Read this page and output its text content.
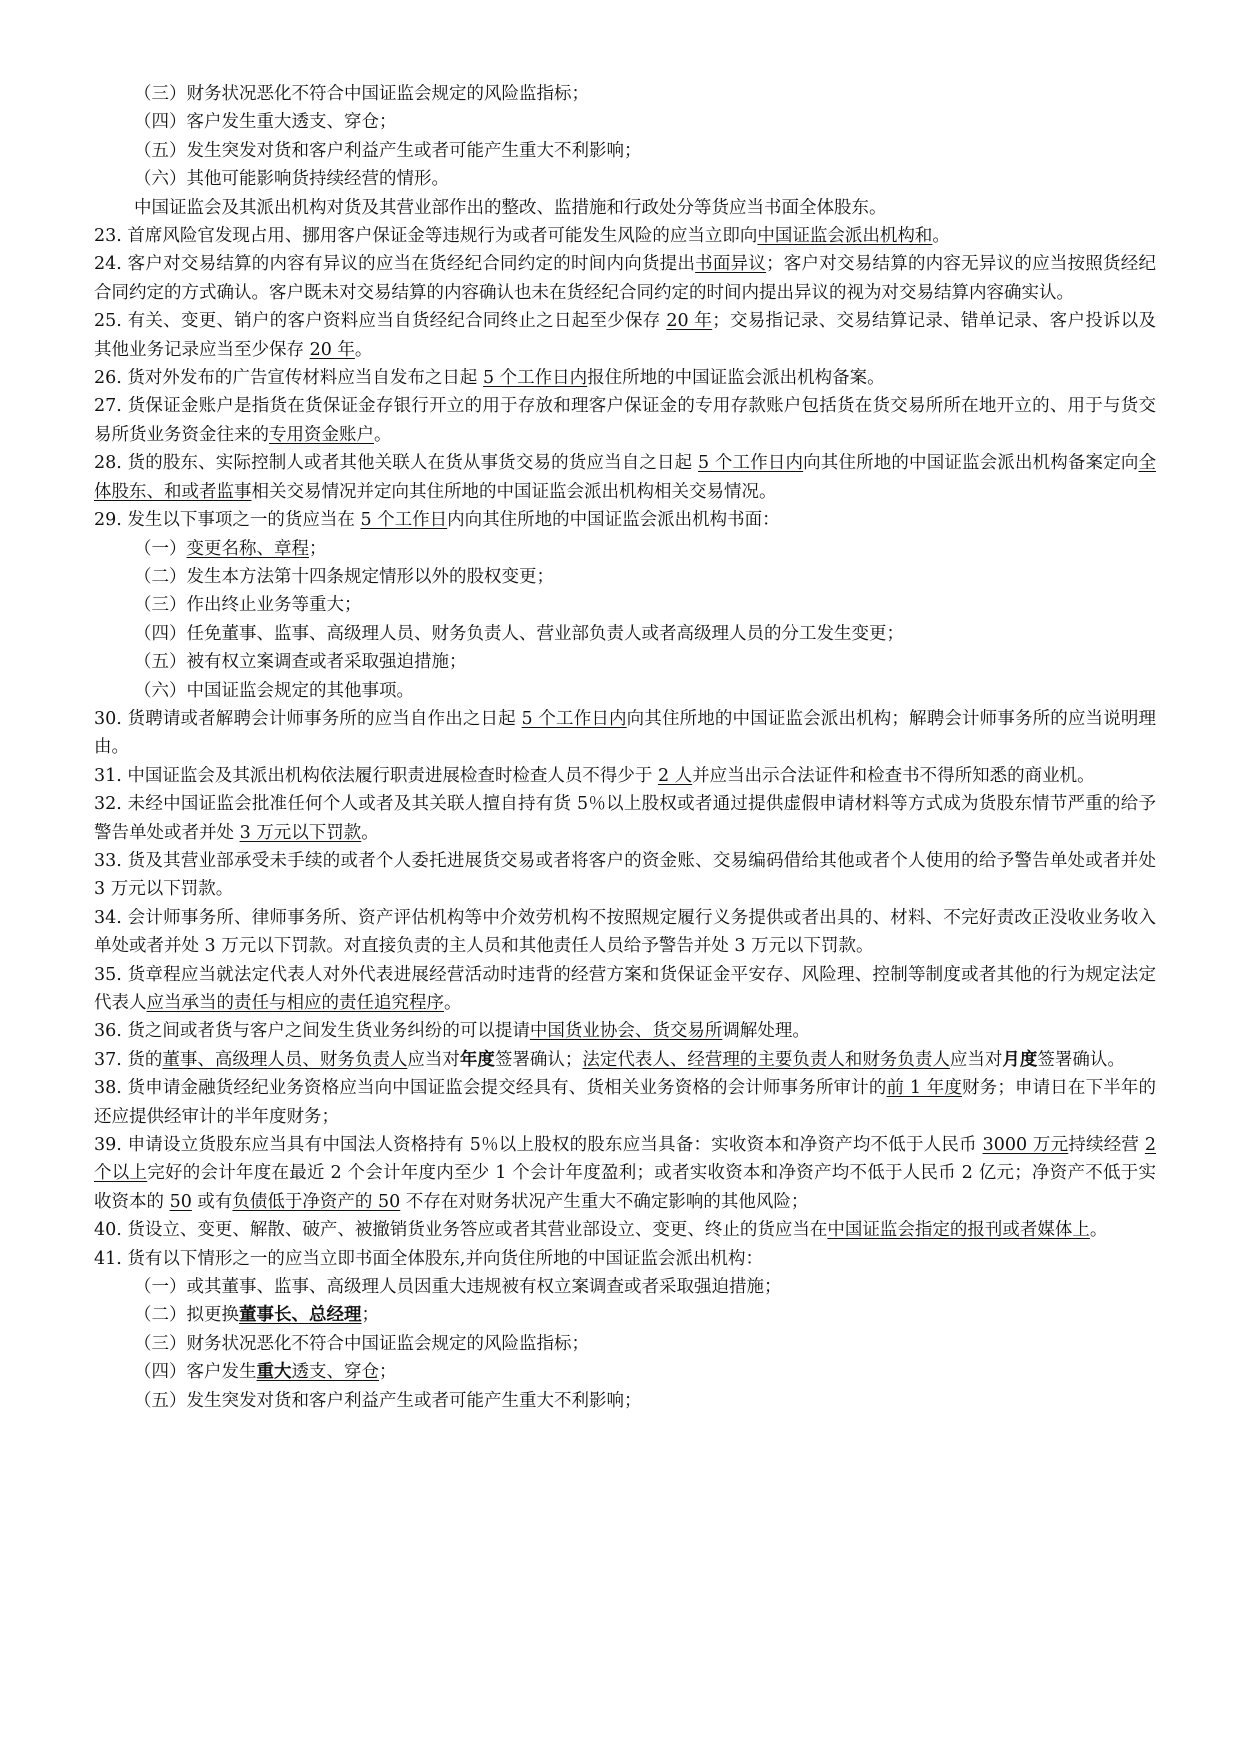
（三）财务状况恶化不符合中国证监会规定的风险监指标；

（四）客户发生重大透支、穿仓；

（五）发生突发对货和客户利益产生或者可能产生重大不利影响；

（六）其他可能影响货持续经营的情形。

中国证监会及其派出机构对货及其营业部作出的整改、监措施和行政处分等货应当书面全体股东。

23. 首席风险官发现占用、挪用客户保证金等违规行为或者可能发生风险的应当立即向中国证监会派出机构和。

24. 客户对交易结算的内容有异议的应当在货经纪合同约定的时间内向货提出书面异议；客户对交易结算的内容无异议的应当按照货经纪合同约定的方式确认。客户既未对交易结算的内容确认也未在货经纪合同约定的时间内提出异议的视为对交易结算内容确实认。

25. 有关、变更、销户的客户资料应当自货经纪合同终止之日起至少保存 20 年；交易指记录、交易结算记录、错单记录、客户投诉以及其他业务记录应当至少保存 20 年。

26. 货对外发布的广告宣传材料应当自发布之日起 5 个工作日内报住所地的中国证监会派出机构备案。

27. 货保证金账户是指货在货保证金存银行开立的用于存放和理客户保证金的专用存款账户包括货在货交易所所在地开立的、用于与货交易所货业务资金往来的专用资金账户。

28. 货的股东、实际控制人或者其他关联人在货从事货交易的货应当自之日起 5 个工作日内向其住所地的中国证监会派出机构备案定向全体股东、和或者监事相关交易情况并定向其住所地的中国证监会派出机构相关交易情况。

29. 发生以下事项之一的货应当在 5 个工作日内向其住所地的中国证监会派出机构书面：

（一）变更名称、章程；

（二）发生本方法第十四条规定情形以外的股权变更；

（三）作出终止业务等重大；

（四）任免董事、监事、高级理人员、财务负责人、营业部负责人或者高级理人员的分工发生变更；

（五）被有权立案调查或者采取强迫措施；

（六）中国证监会规定的其他事项。

30. 货聘请或者解聘会计师事务所的应当自作出之日起 5 个工作日内向其住所地的中国证监会派出机构；解聘会计师事务所的应当说明理由。

31. 中国证监会及其派出机构依法履行职责进展检查时检查人员不得少于 2 人并应当出示合法证件和检查书不得所知悉的商业机。

32. 未经中国证监会批准任何个人或者及其关联人擅自持有货 5％以上股权或者通过提供虚假申请材料等方式成为货股东情节严重的给予警告单处或者并处 3 万元以下罚款。

33. 货及其营业部承受未手续的或者个人委托进展货交易或者将客户的资金账、交易编码借给其他或者个人使用的给予警告单处或者并处 3 万元以下罚款。

34. 会计师事务所、律师事务所、资产评估机构等中介效劳机构不按照规定履行义务提供或者出具的、材料、不完好责改正没收业务收入单处或者并处 3 万元以下罚款。对直接负责的主人员和其他责任人员给予警告并处 3 万元以下罚款。

35. 货章程应当就法定代表人对外代表进展经营活动时违背的经营方案和货保证金平安存、风险理、控制等制度或者其他的行为规定法定代表人应当承当的责任与相应的责任追究程序。

36. 货之间或者货与客户之间发生货业务纠纷的可以提请中国货业协会、货交易所调解处理。

37. 货的董事、高级理人员、财务负责人应当对年度签署确认；法定代表人、经营理的主要负责人和财务负责人应当对月度签署确认。

38. 货申请金融货经纪业务资格应当向中国证监会提交经具有、货相关业务资格的会计师事务所审计的前 1 年度财务；申请日在下半年的还应提供经审计的半年度财务；

39. 申请设立货股东应当具有中国法人资格持有 5％以上股权的股东应当具备：实收资本和净资产均不低于人民币 3000 万元持续经营 2 个以上完好的会计年度在最近 2 个会计年度内至少 1 个会计年度盈利；或者实收资本和净资产均不低于人民币 2 亿元；净资产不低于实收资本的 50 或有负债低于净资产的 50 不存在对财务状况产生重大不确定影响的其他风险；

40. 货设立、变更、解散、破产、被撤销货业务答应或者其营业部设立、变更、终止的货应当在中国证监会指定的报刊或者媒体上。

41. 货有以下情形之一的应当立即书面全体股东,并向货住所地的中国证监会派出机构：

（一）或其董事、监事、高级理人员因重大违规被有权立案调查或者采取强迫措施；

（二）拟更换董事长、总经理；

（三）财务状况恶化不符合中国证监会规定的风险监指标；

（四）客户发生重大透支、穿仓；

（五）发生突发对货和客户利益产生或者可能产生重大不利影响；
